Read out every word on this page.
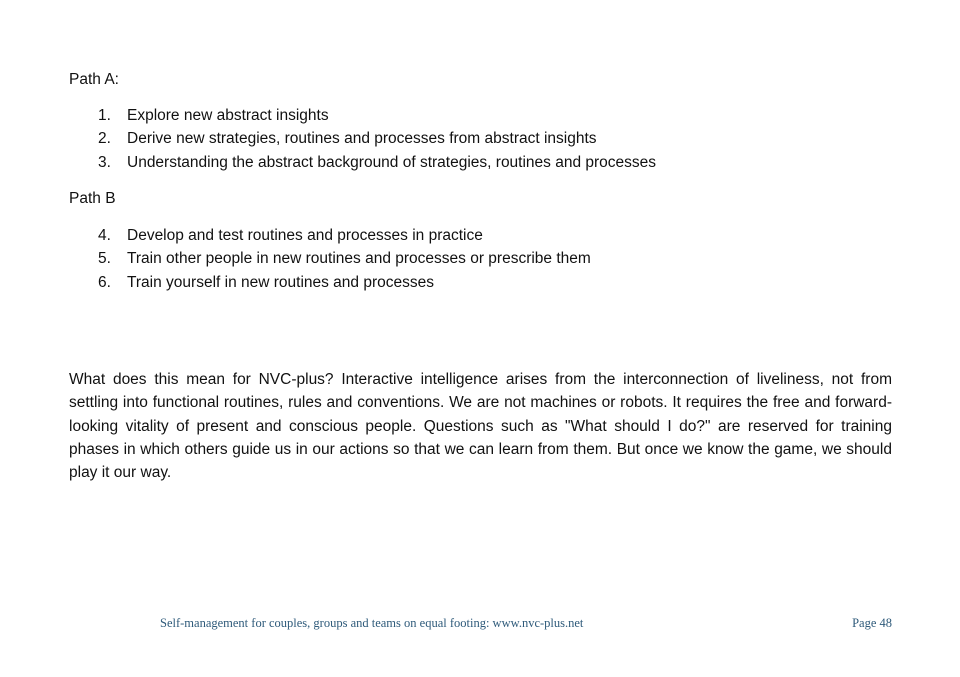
Path A:
1.	Explore new abstract insights
2.	Derive new strategies, routines and processes from abstract insights
3.	Understanding the abstract background of strategies, routines and processes
Path B
4.	Develop and test routines and processes in practice
5.	Train other people in new routines and processes or prescribe them
6.	Train yourself in new routines and processes

What does this mean for NVC-plus? Interactive intelligence arises from the interconnection of liveliness, not from settling into functional routines, rules and conventions. We are not machines or robots. It requires the free and forward-looking vitality of present and conscious people. Questions such as "What should I do?" are reserved for training phases in which others guide us in our actions so that we can learn from them. But once we know the game, we should play it our way.

Self-management for couples, groups and teams on equal footing: www.nvc-plus.net	Page 48
